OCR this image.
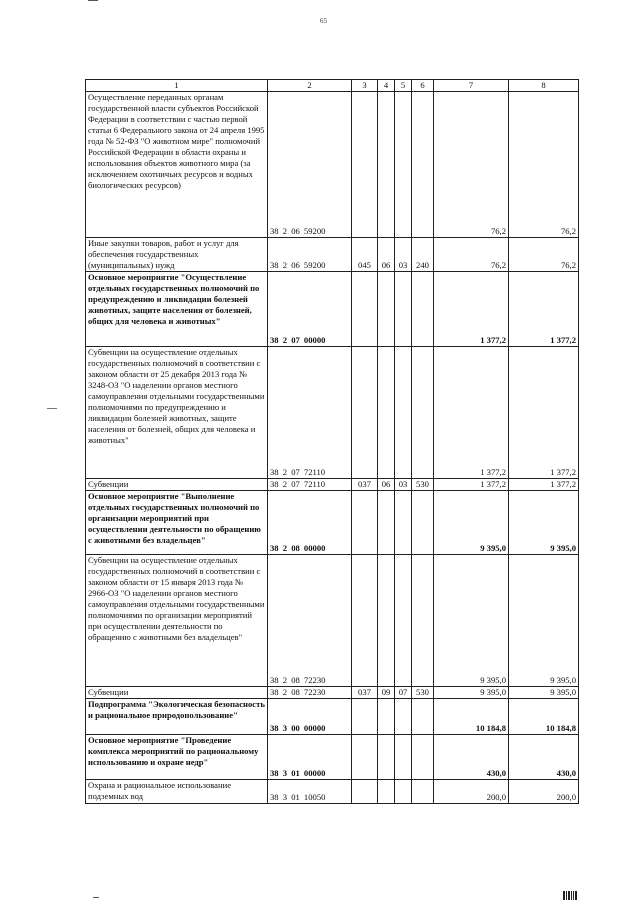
65
1	2	3	4	5	6	7	8
Осуществление переданных органам государственной власти субъектов Российской Федерации в соответствии с частью первой статьи 6 Федерального закона от 24 апреля 1995 года № 52-ФЗ "О животном мире" полномочий Российской Федерации в области охраны и использования объектов животного мира (за исключением охотничьих ресурсов и водных биологических ресурсов)	38 2 06 59200					76,2	76,2
Иные закупки товаров, работ и услуг для обеспечения государственных (муниципальных) нужд	38 2 06 59200	045	06	03	240	76,2	76,2
Основное мероприятие "Осуществление отдельных государственных полномочий по предупреждению и ликвидации болезней животных, защите населения от болезней, общих для человека и животных"	38 2 07 00000					1 377,2	1 377,2
Субвенции на осуществление отдельных государственных полномочий в соответствии с законом области от 25 декабря 2013 года № 3248-ОЗ "О наделении органов местного самоуправления отдельными государственными полномочиями по предупреждению и ликвидации болезней животных, защите населения от болезней, общих для человека и животных"	38 2 07 72110					1 377,2	1 377,2
Субвенции	38 2 07 72110	037	06	03	530	1 377,2	1 377,2
Основное мероприятие "Выполнение отдельных государственных полномочий по организации мероприятий при осуществлении деятельности по обращению с животными без владельцев"	38 2 08 00000					9 395,0	9 395,0
Субвенции на осуществление отдельных государственных полномочий в соответствии с законом области от 15 января 2013 года № 2966-ОЗ "О наделении органов местного самоуправления отдельными государственными полномочиями по организации мероприятий при осуществлении деятельности по обращению с животными без владельцев"	38 2 08 72230					9 395,0	9 395,0
Субвенции	38 2 08 72230	037	09	07	530	9 395,0	9 395,0
Подпрограмма "Экологическая безопасность и рациональное природопользование"	38 3 00 00000					10 184,8	10 184,8
Основное мероприятие "Проведение комплекса мероприятий по рациональному использованию и охране недр"	38 3 01 00000					430,0	430,0
Охрана и рациональное использование подземных вод	38 3 01 10050					200,0	200,0
